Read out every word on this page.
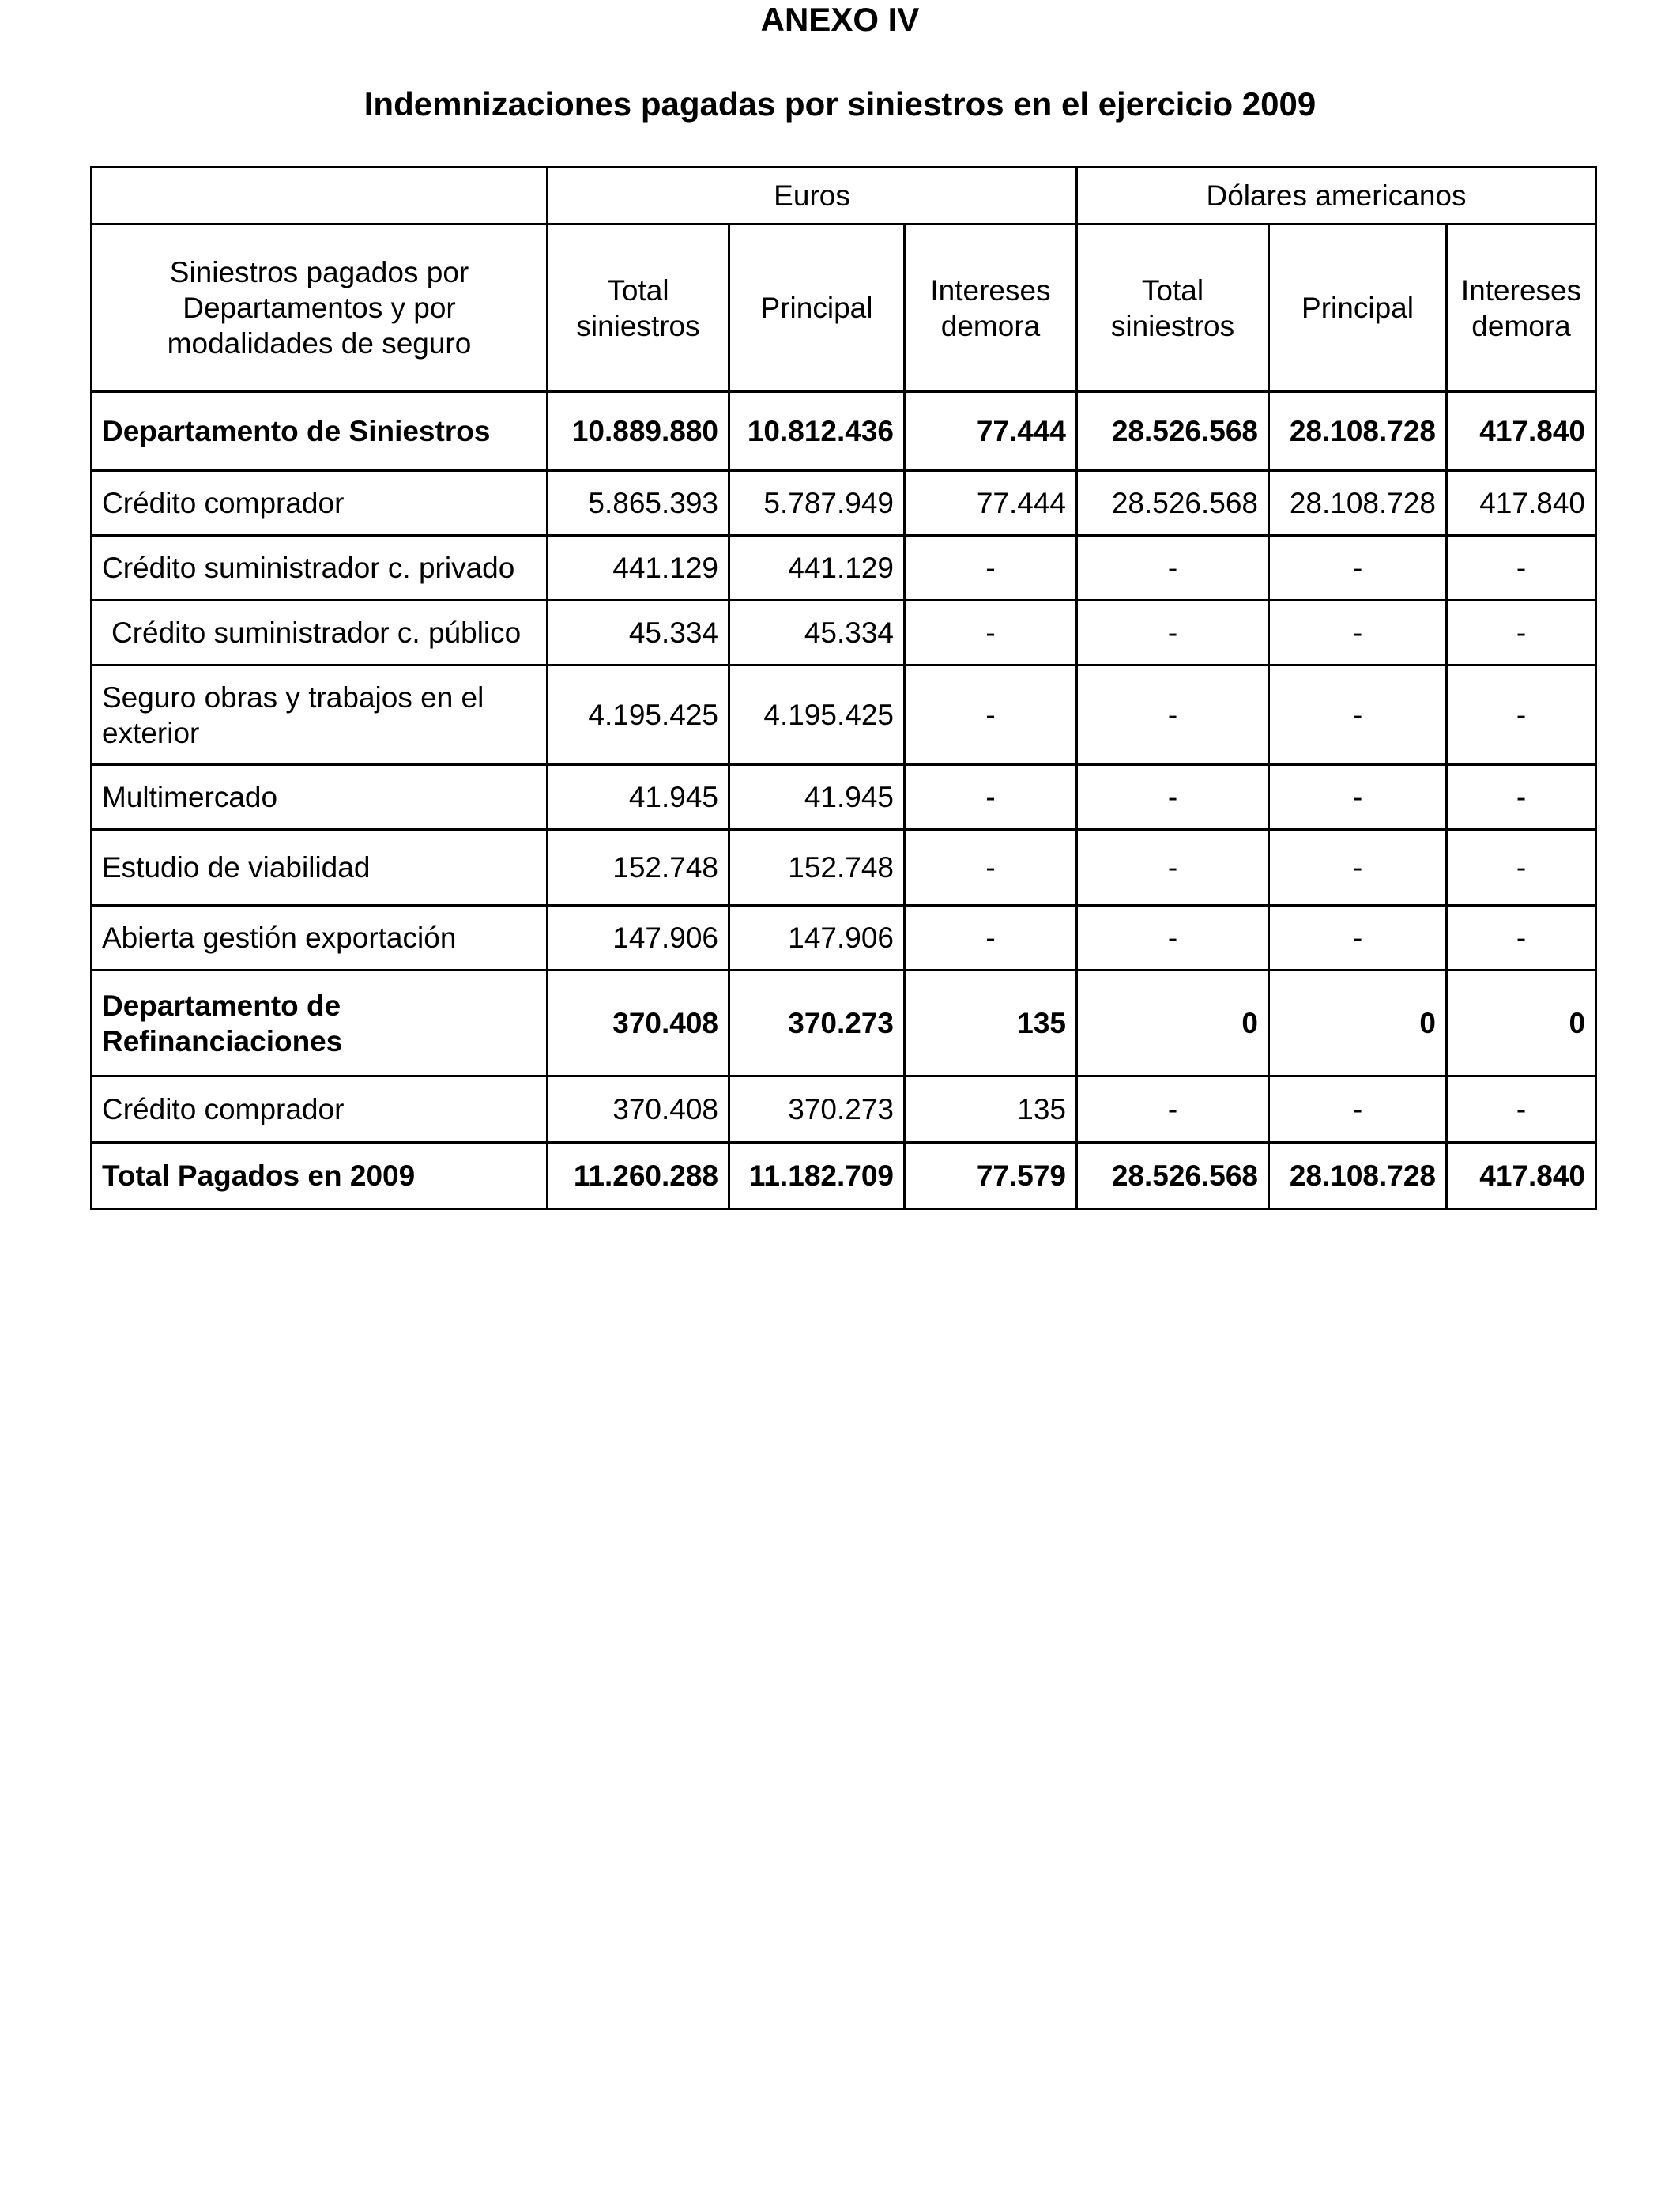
ANEXO IV
Indemnizaciones pagadas por siniestros en el ejercicio 2009
	Euros			Dólares americanos		
Siniestros pagados por Departamentos y por modalidades de seguro	Total siniestros	Principal	Intereses demora	Total siniestros	Principal	Intereses demora
Departamento de Siniestros	10.889.880	10.812.436	77.444	28.526.568	28.108.728	417.840
Crédito comprador	5.865.393	5.787.949	77.444	28.526.568	28.108.728	417.840
Crédito suministrador c. privado	441.129	441.129	-	-	-	-
Crédito suministrador c. público	45.334	45.334	-	-	-	-
Seguro obras y trabajos en el exterior	4.195.425	4.195.425	-	-	-	-
Multimercado	41.945	41.945	-	-	-	-
Estudio de viabilidad	152.748	152.748	-	-	-	-
Abierta gestión exportación	147.906	147.906	-	-	-	-
Departamento de Refinanciaciones	370.408	370.273	135	0	0	0
Crédito comprador	370.408	370.273	135	-	-	-
Total Pagados en 2009	11.260.288	11.182.709	77.579	28.526.568	28.108.728	417.840
